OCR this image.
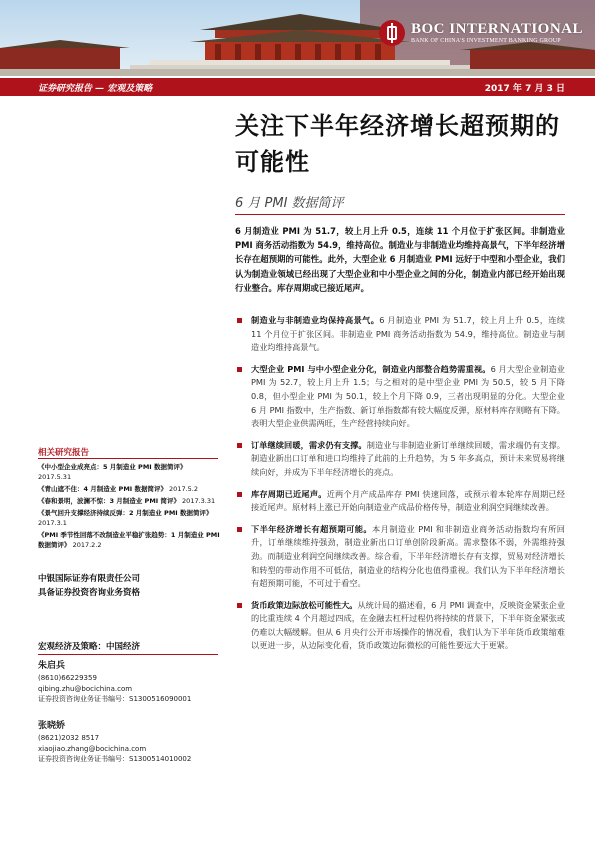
BOC INTERNATIONAL
BANK OF CHINA'S INVESTMENT BANKING GROUP
证券研究报告 — 宏观及策略	2017 年 7 月 3 日
关注下半年经济增长超预期的可能性
6 月 PMI 数据简评
6 月制造业 PMI 为 51.7，较上月上升 0.5，连续 11 个月位于扩张区间。非制造业 PMI 商务活动指数为 54.9，维持高位。制造业与非制造业均维持高景气，下半年经济增长存在超预期的可能性。此外，大型企业 6 月制造业 PMI 远好于中型和小型企业，我们认为制造业领域已经出现了大型企业和中小型企业之间的分化，制造业内部已经开始出现行业整合。库存周期或已接近尾声。
制造业与非制造业均保持高景气。6 月制造业 PMI 为 51.7，较上月上升 0.5，连续 11 个月位于扩张区间。非制造业 PMI 商务活动指数为 54.9，维持高位。制造业与制造业均维持高景气。
大型企业 PMI 与中小型企业分化，制造业内部整合趋势需重视。6 月大型企业制造业 PMI 为 52.7，较上月上升 1.5；与之相对的是中型企业 PMI 为 50.5，较 5 月下降 0.8，但小型企业 PMI 为 50.1，较上个月下降 0.9，三者出现明显的分化。大型企业 6 月 PMI 指数中，生产指数、新订单指数都有较大幅度反弹，原材料库存则略有下降。表明大型企业供需两旺，生产经营持续向好。
订单继续回暖，需求仍有支撑。制造业与非制造业新订单继续回暖，需求端仍有支撑。制造业新出口订单和进口均维持了此前的上升趋势，为 5 年多高点，预计未来贸易将继续向好，并成为下半年经济增长的亮点。
库存周期已近尾声。近两个月产成品库存 PMI 快速回落，或预示着本轮库存周期已经接近尾声。原材料上涨已开始向制造业产成品价格传导，制造业利润空间继续改善。
下半年经济增长有超预期可能。本月制造业 PMI 和非制造业商务活动指数均有所回升，订单继续维持强劲，制造业新出口订单创阶段新高。需求整体不弱，外需维持强劲。而制造业利润空间继续改善。综合看，下半年经济增长存有支撑，贸易对经济增长和转型的带动作用不可低估，制造业的结构分化也值得重视。我们认为下半年经济增长有超预期可能，不可过于看空。
货币政策边际放松可能性大。从统计局的描述看，6 月 PMI 调查中，反映资金紧张企业的比重连续 4 个月超过四成，在金融去杠杆过程仍将持续的背景下，下半年资金紧张或仍难以大幅缓解。但从 6 月央行公开市场操作的情况看，我们认为下半年货币政策缩难以更进一步，从边际变化看，货币政策边际微松的可能性要远大于更紧。
相关研究报告
《中小型企业成亮点：5 月制造业 PMI 数据简评》
2017.5.31
《青山遮不住：4 月制造业 PMI 数据简评》 2017.5.2
《春和景明，波澜不惊：3 月制造业 PMI 简评》 2017.3.31
《景气回升支撑经济持续反弹：2 月制造业 PMI 数据简评》 2017.3.1
《PMI 季节性回落不改制造业平稳扩张趋势：1 月制造业 PMI 数据简评》 2017.2.2
中银国际证券有限责任公司
具备证券投资咨询业务资格
宏观经济及策略：中国经济
朱启兵
(8610)66229359
qibing.zhu@bocichina.com
证券投资咨询业务证书编号：S1300516090001
张晓娇
(8621)2032 8517
xiaojiao.zhang@bocichina.com
证券投资咨询业务证书编号：S1300514010002
